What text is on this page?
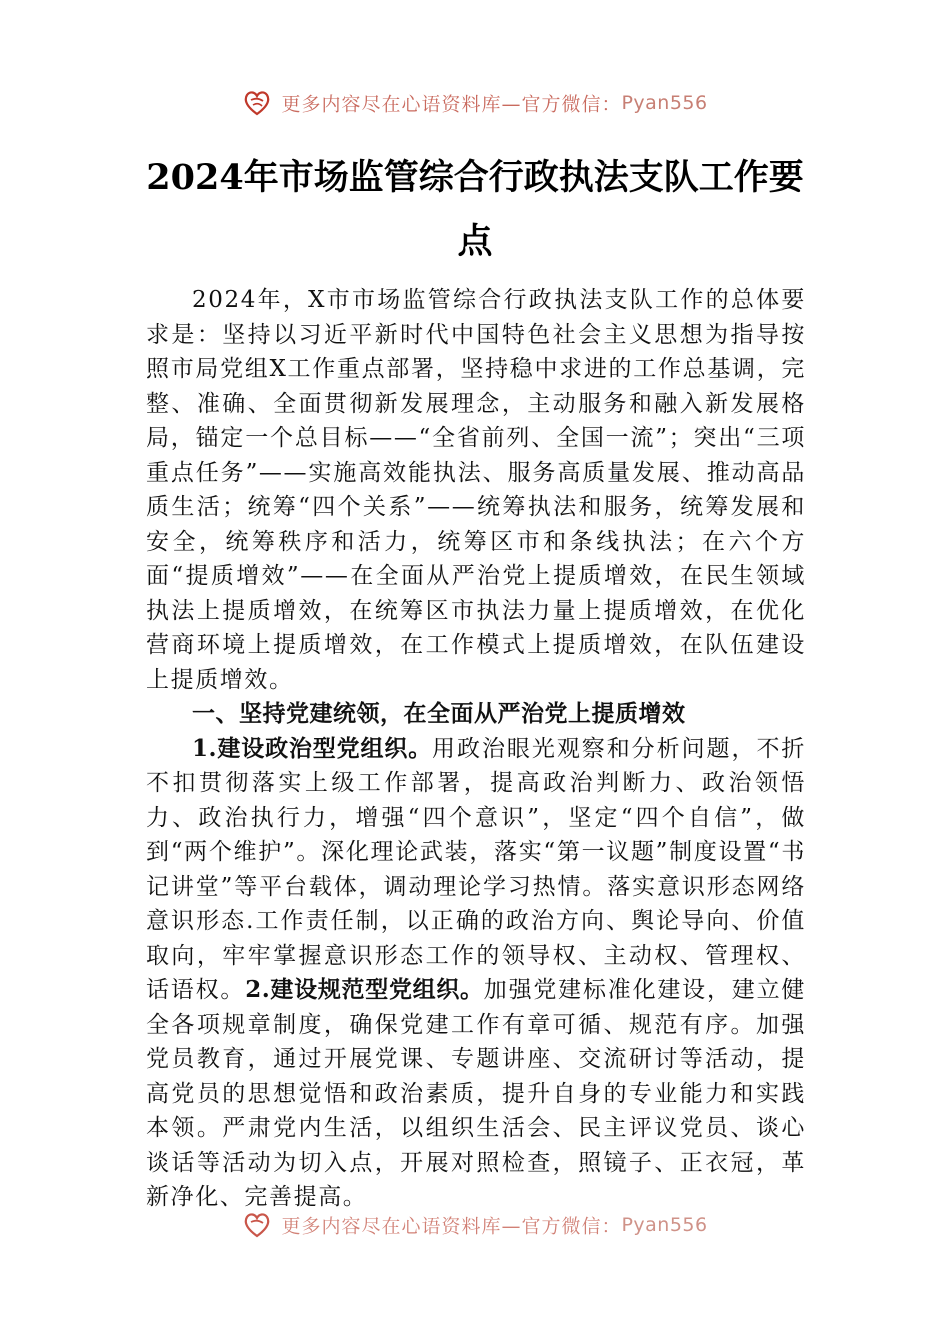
更多内容尽在心语资料库—官方微信：Pyan556
2024年市场监管综合行政执法支队工作要
点

2024年，X市市场监管综合行政执法支队工作的总体要求是：坚持以习近平新时代中国特色社会主义思想为指导按照市局党组X工作重点部署，坚持稳中求进的工作总基调，完整、准确、全面贯彻新发展理念，主动服务和融入新发展格局，锚定一个总目标——“全省前列、全国一流”；突出“三项重点任务”——实施高效能执法、服务高质量发展、推动高品质生活；统筹“四个关系”——统筹执法和服务，统筹发展和安全，统筹秩序和活力，统筹区市和条线执法；在六个方面“提质增效”——在全面从严治党上提质增效，在民生领域执法上提质增效，在统筹区市执法力量上提质增效，在优化营商环境上提质增效，在工作模式上提质增效，在队伍建设上提质增效。

一、坚持党建统领，在全面从严治党上提质增效

1.建设政治型党组织。用政治眼光观察和分析问题，不折不扣贯彻落实上级工作部署，提高政治判断力、政治领悟力、政治执行力，增强“四个意识”，坚定“四个自信”，做到“两个维护”。深化理论武装，落实“第一议题”制度设置“书记讲堂”等平台载体，调动理论学习热情。落实意识形态网络意识形态.工作责任制，以正确的政治方向、舆论导向、价值取向，牢牢掌握意识形态工作的领导权、主动权、管理权、话语权。2.建设规范型党组织。加强党建标准化建设，建立健全各项规章制度，确保党建工作有章可循、规范有序。加强党员教育，通过开展党课、专题讲座、交流研讨等活动，提高党员的思想觉悟和政治素质，提升自身的专业能力和实践本领。严肃党内生活，以组织生活会、民主评议党员、谈心谈话等活动为切入点，开展对照检查，照镜子、正衣冠，革新净化、完善提高。

更多内容尽在心语资料库—官方微信：Pyan556
